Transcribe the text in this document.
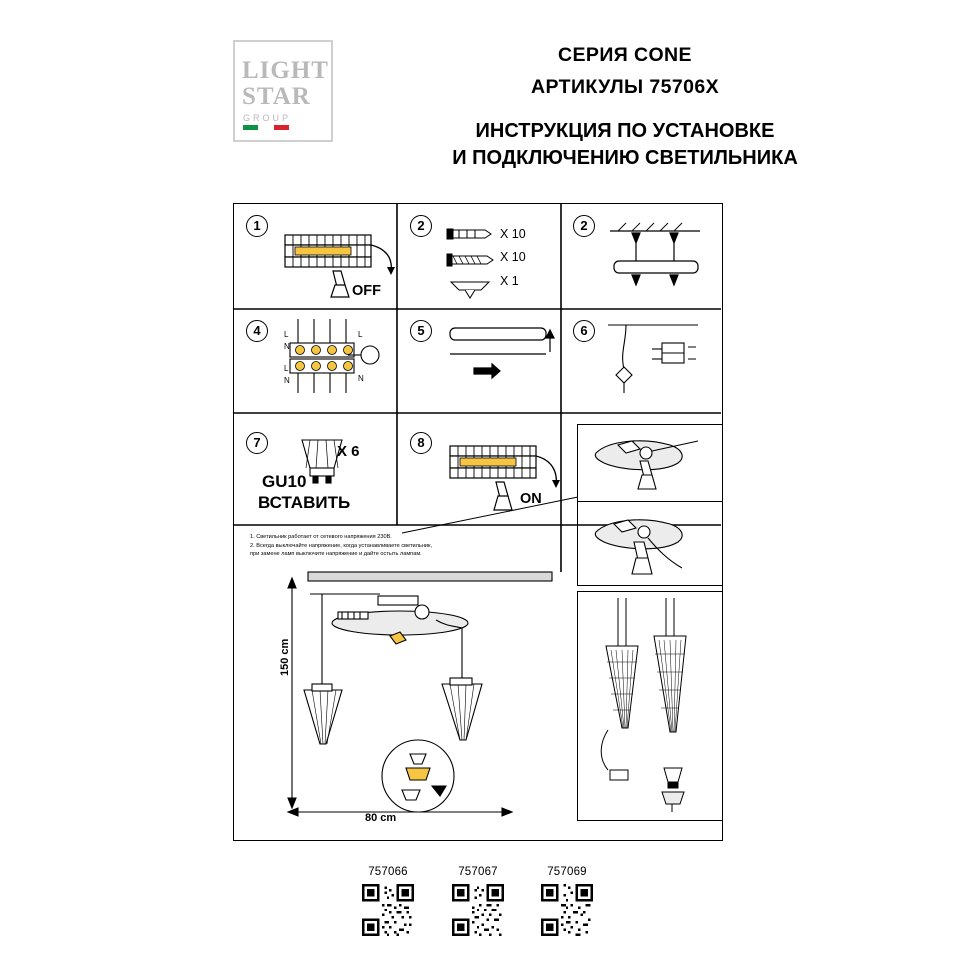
LIGHT
STAR
GROUP
СЕРИЯ CONE
АРТИКУЛЫ 75706X
ИНСТРУКЦИЯ ПО УСТАНОВКЕ
И ПОДКЛЮЧЕНИЮ СВЕТИЛЬНИКА
1
OFF
2
X 10
X 10
X 1
2
4	L
N
L
N
L
N
5	6
7
X 6
GU10
ВСТАВИТЬ
8
ON
1. Светильник работает от сетевого напряжения 230В.
2. Всегда выключайте напряжение, когда устанавливаете светильник,
при замене ламп выключите напряжение и дайте остыть лампам.
150 cm
80 cm
757066	757067	757069
